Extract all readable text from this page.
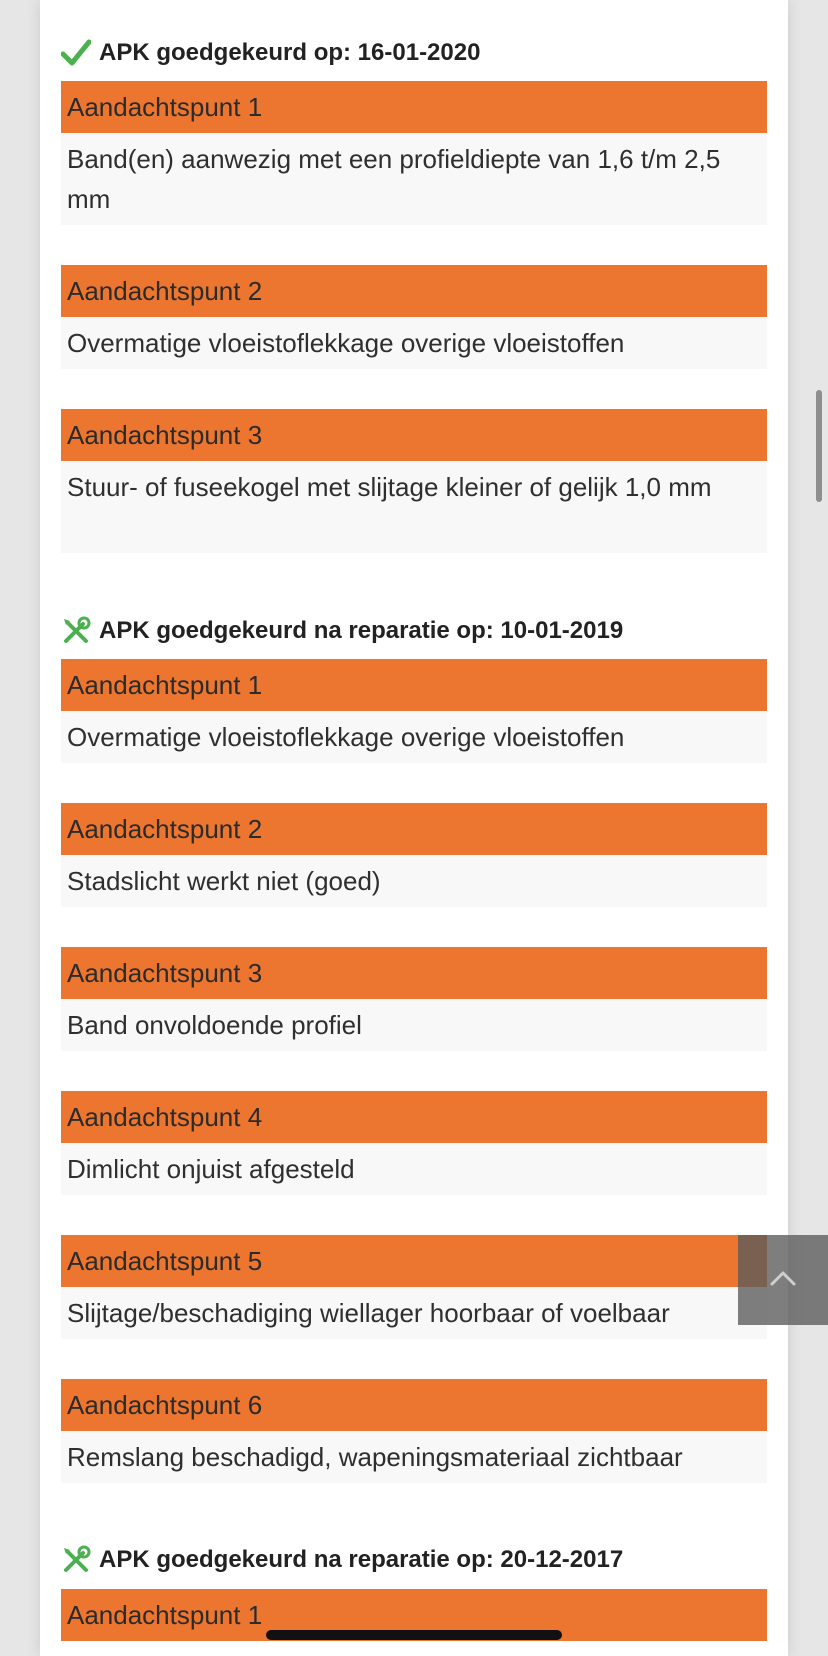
APK goedgekeurd op: 16-01-2020
Aandachtspunt 1
Band(en) aanwezig met een profieldiepte van 1,6 t/m 2,5 mm
Aandachtspunt 2
Overmatige vloeistoflekkage overige vloeistoffen
Aandachtspunt 3
Stuur- of fuseekogel met slijtage kleiner of gelijk 1,0 mm
APK goedgekeurd na reparatie op: 10-01-2019
Aandachtspunt 1
Overmatige vloeistoflekkage overige vloeistoffen
Aandachtspunt 2
Stadslicht werkt niet (goed)
Aandachtspunt 3
Band onvoldoende profiel
Aandachtspunt 4
Dimlicht onjuist afgesteld
Aandachtspunt 5
Slijtage/beschadiging wiellager hoorbaar of voelbaar
Aandachtspunt 6
Remslang beschadigd, wapeningsmateriaal zichtbaar
APK goedgekeurd na reparatie op: 20-12-2017
Aandachtspunt 1
